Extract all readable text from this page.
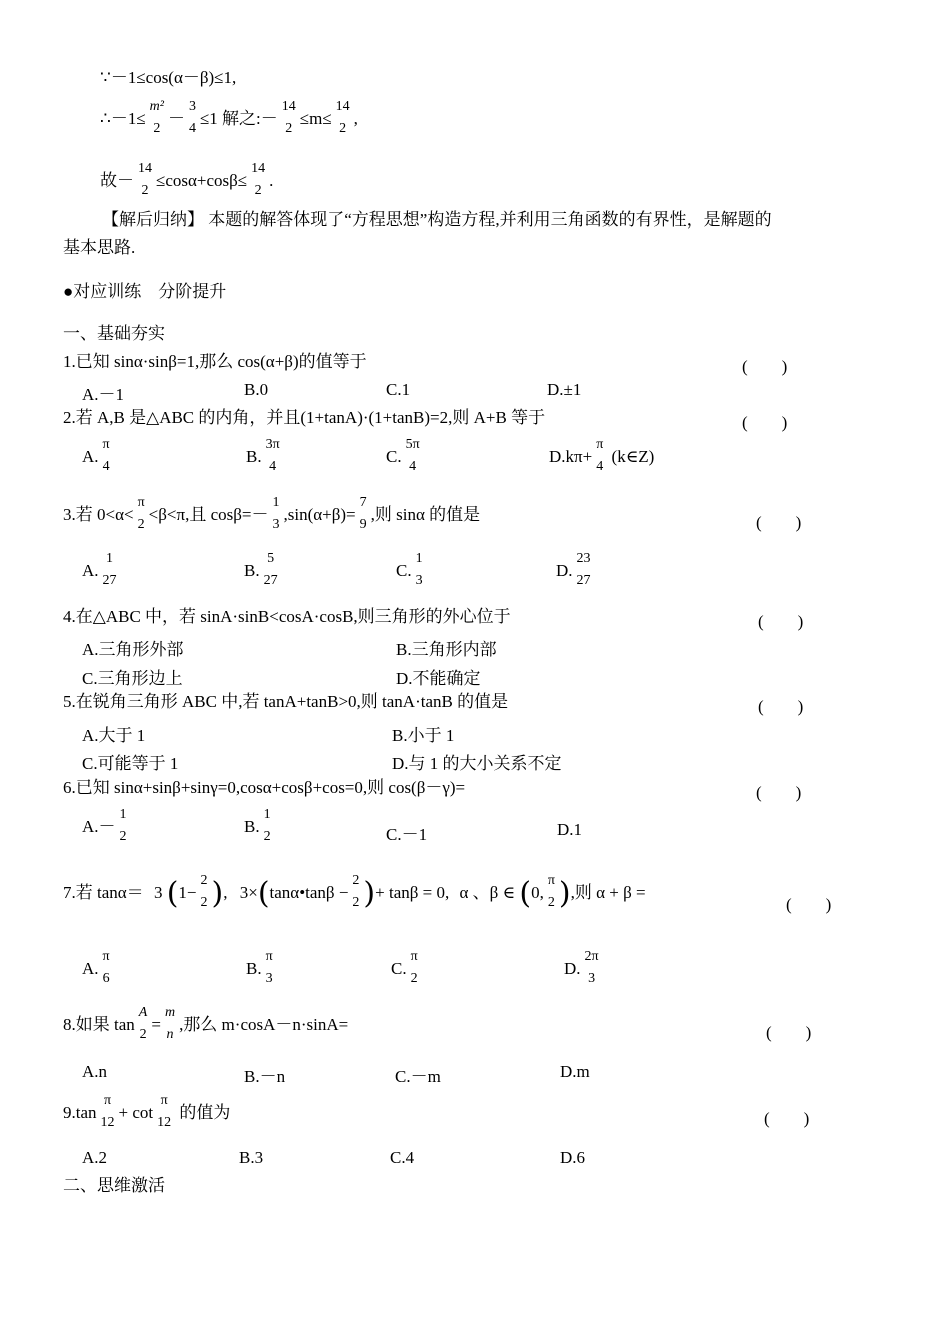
∵－1≤cos(α－β)≤1,
∴－1≤
m²
2
－
3
4
≤1 解之:－
14
2
≤m≤
14
2
,
故－
14
2
≤cosα+cosβ≤
14
2
.
【解后归纳】 本题的解答体现了“方程思想”构造方程,并利用三角函数的有界性，是解题的
基本思路.
●对应训练　分阶提升
一、基础夯实
1.已知 sinα·sinβ=1,那么 cos(α+β)的值等于	(　　)
A.－1	B.0	C.1	D.±1
2.若 A,B 是△ABC 的内角，并且(1+tanA)·(1+tanB)=2,则 A+B 等于	(　　)
A.
π
4
B.
3π
4
C.
5π
4
D.kπ+
π
4
(k∈Z)
3.若 0<α<
π
2
<β<π,且 cosβ=－
1
3
,sin(α+β)=
7
9
,则 sinα 的值是	(　　)
A.
1
27
B.
5
27
C.
1
3
D.
23
27
4.在△ABC 中，若 sinA·sinB<cosA·cosB,则三角形的外心位于	(　　)
A.三角形外部	B.三角形内部
C.三角形边上	D.不能确定
5.在锐角三角形 ABC 中,若 tanA+tanB>0,则 tanA·tanB 的值是	(　　)
A.大于 1	B.小于 1
C.可能等于 1	D.与 1 的大小关系不定
6.已知 sinα+sinβ+sinγ=0,cosα+cosβ+cos=0,则 cos(β－γ)=	(　　)
A.－
1
2
B.
1
2	C.－1	D.1
7.若 tanα＝ 3 (1−
2
2 ), 3×(tanα•tanβ −
2
2 )+ tanβ = 0, α 、β ∈ (0,
π
2 ),则 α + β =
(　　)
A.
π
6
B.
π
3
C.
π
2
D.
2π
3
8.如果 tan
A
2
=
m
n
,那么 m·cosA－n·sinA=	(　　)
A.n	B.－n	C.－m	D.m
9.tan
π
12
+ cot
π
12
的值为	(　　)
A.2	B.3	C.4	D.6
二、思维激活
